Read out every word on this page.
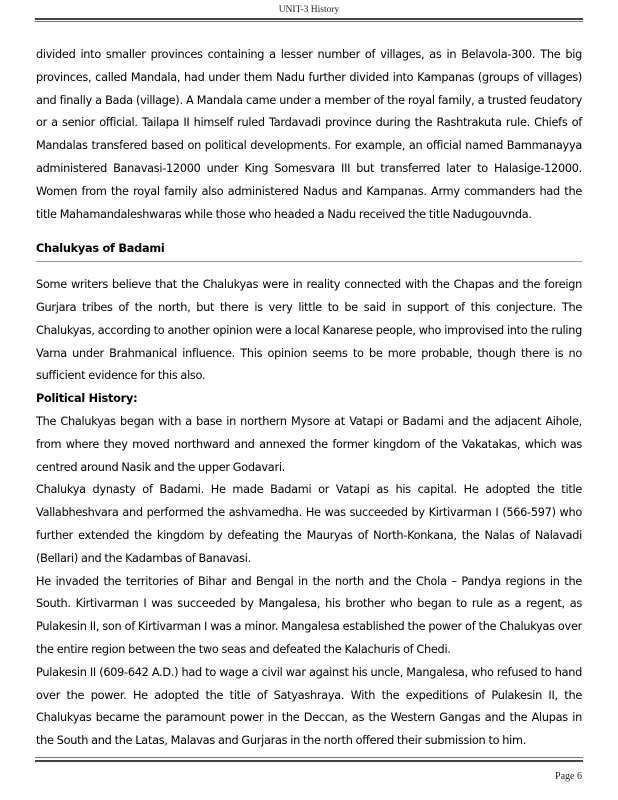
UNIT-3 History

divided into smaller provinces containing a lesser number of villages, as in Belavola-300. The big provinces, called Mandala, had under them Nadu further divided into Kampanas (groups of villages) and finally a Bada (village). A Mandala came under a member of the royal family, a trusted feudatory or a senior official. Tailapa II himself ruled Tardavadi province during the Rashtrakuta rule. Chiefs of Mandalas transfered based on political developments. For example, an official named Bammanayya administered Banavasi-12000 under King Somesvara III but transferred later to Halasige-12000. Women from the royal family also administered Nadus and Kampanas. Army commanders had the

title Mahamandaleshwaras while those who headed a Nadu received the title Nadugouvnda.

Chalukyas of Badami

Some writers believe that the Chalukyas were in reality connected with the Chapas and the foreign Gurjara tribes of the north, but there is very little to be said in support of this conjecture. The Chalukyas, according to another opinion were a local Kanarese people, who improvised into the ruling Varna under Brahmanical influence. This opinion seems to be more probable, though there is no sufficient evidence for this also.

Political History:

The Chalukyas began with a base in northern Mysore at Vatapi or Badami and the adjacent Aihole, from where they moved northward and annexed the former kingdom of the Vakatakas, which was centred around Nasik and the upper Godavari.

Chalukya dynasty of Badami. He made Badami or Vatapi as his capital. He adopted the title Vallabheshvara and performed the ashvamedha. He was succeeded by Kirtivarman I (566-597) who further extended the kingdom by defeating the Mauryas of North-Konkana, the Nalas of Nalavadi (Bellari) and the Kadambas of Banavasi.

He invaded the territories of Bihar and Bengal in the north and the Chola – Pandya regions in the South. Kirtivarman I was succeeded by Mangalesa, his brother who began to rule as a regent, as Pulakesin II, son of Kirtivarman I was a minor. Mangalesa established the power of the Chalukyas over the entire region between the two seas and defeated the Kalachuris of Chedi.

Pulakesin II (609-642 A.D.) had to wage a civil war against his uncle, Mangalesa, who refused to hand over the power. He adopted the title of Satyashraya. With the expeditions of Pulakesin II, the Chalukyas became the paramount power in the Deccan, as the Western Gangas and the Alupas in the South and the Latas, Malavas and Gurjaras in the north offered their submission to him.

Page 6
